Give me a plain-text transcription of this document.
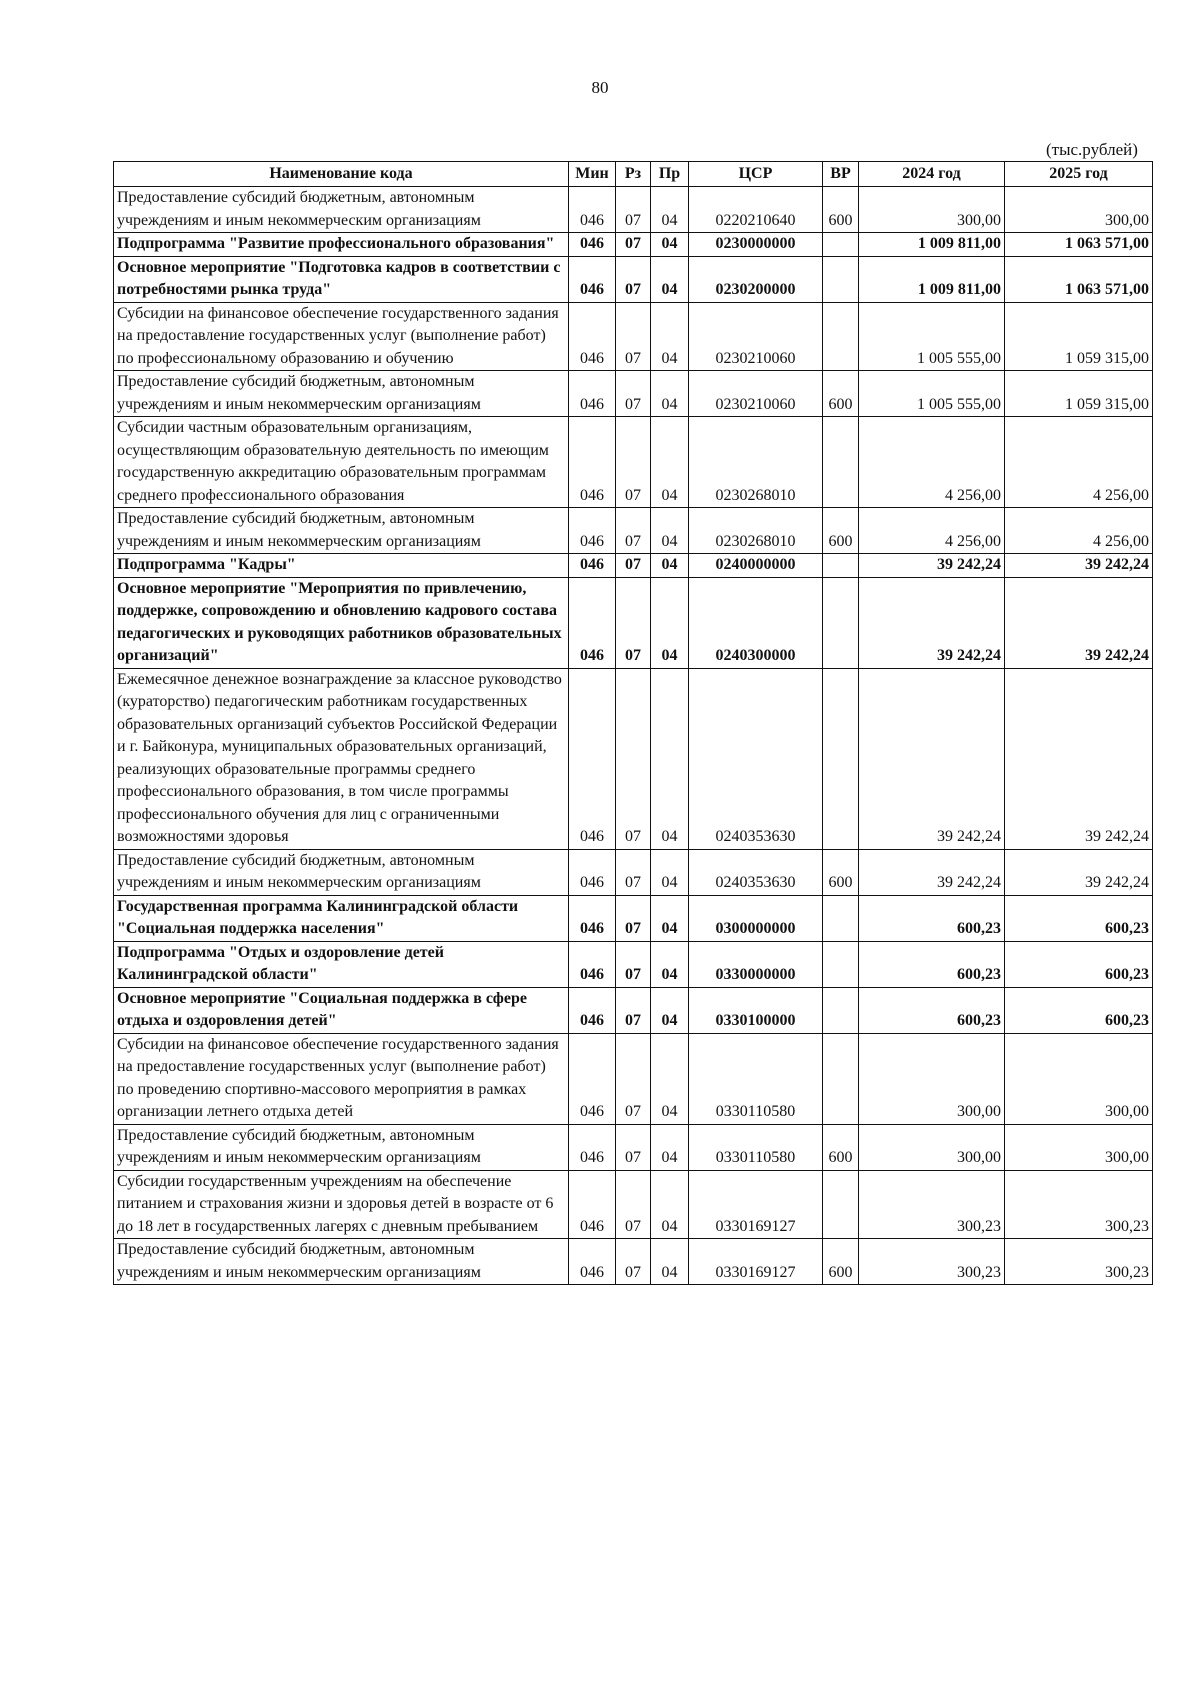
80
(тыс.рублей)
Наименование кода	Мин	Рз	Пр	ЦСР	ВР	2024 год	2025 год
Предоставление субсидий бюджетным, автономным учреждениям и иным некоммерческим организациям	046	07	04	0220210640	600	300,00	300,00
Подпрограмма "Развитие профессионального образования"	046	07	04	0230000000		1 009 811,00	1 063 571,00
Основное мероприятие "Подготовка кадров в соответствии с потребностями рынка труда"	046	07	04	0230200000		1 009 811,00	1 063 571,00
Субсидии на финансовое обеспечение государственного задания на предоставление государственных услуг (выполнение работ) по профессиональному образованию и обучению	046	07	04	0230210060		1 005 555,00	1 059 315,00
Предоставление субсидий бюджетным, автономным учреждениям и иным некоммерческим организациям	046	07	04	0230210060	600	1 005 555,00	1 059 315,00
Субсидии частным образовательным организациям, осуществляющим образовательную деятельность по имеющим государственную аккредитацию образовательным программам среднего профессионального образования	046	07	04	0230268010		4 256,00	4 256,00
Предоставление субсидий бюджетным, автономным учреждениям и иным некоммерческим организациям	046	07	04	0230268010	600	4 256,00	4 256,00
Подпрограмма "Кадры"	046	07	04	0240000000		39 242,24	39 242,24
Основное мероприятие "Мероприятия по привлечению, поддержке, сопровождению и обновлению кадрового состава педагогических и руководящих работников образовательных организаций"	046	07	04	0240300000		39 242,24	39 242,24
Ежемесячное денежное вознаграждение за классное руководство (кураторство) педагогическим работникам государственных образовательных организаций субъектов Российской Федерации и г. Байконура, муниципальных образовательных организаций, реализующих образовательные программы среднего профессионального образования, в том числе программы профессионального обучения для лиц с ограниченными возможностями здоровья	046	07	04	0240353630		39 242,24	39 242,24
Предоставление субсидий бюджетным, автономным учреждениям и иным некоммерческим организациям	046	07	04	0240353630	600	39 242,24	39 242,24
Государственная программа Калининградской области "Социальная поддержка населения"	046	07	04	0300000000		600,23	600,23
Подпрограмма "Отдых и оздоровление детей Калининградской области"	046	07	04	0330000000		600,23	600,23
Основное мероприятие "Социальная поддержка в сфере отдыха и оздоровления детей"	046	07	04	0330100000		600,23	600,23
Субсидии на финансовое обеспечение государственного задания на предоставление государственных услуг (выполнение работ) по проведению спортивно-массового мероприятия в рамках организации летнего отдыха детей	046	07	04	0330110580		300,00	300,00
Предоставление субсидий бюджетным, автономным учреждениям и иным некоммерческим организациям	046	07	04	0330110580	600	300,00	300,00
Субсидии государственным учреждениям на обеспечение питанием и страхования жизни и здоровья детей в возрасте от 6 до 18 лет в государственных лагерях с дневным пребыванием	046	07	04	0330169127		300,23	300,23
Предоставление субсидий бюджетным, автономным учреждениям и иным некоммерческим организациям	046	07	04	0330169127	600	300,23	300,23
